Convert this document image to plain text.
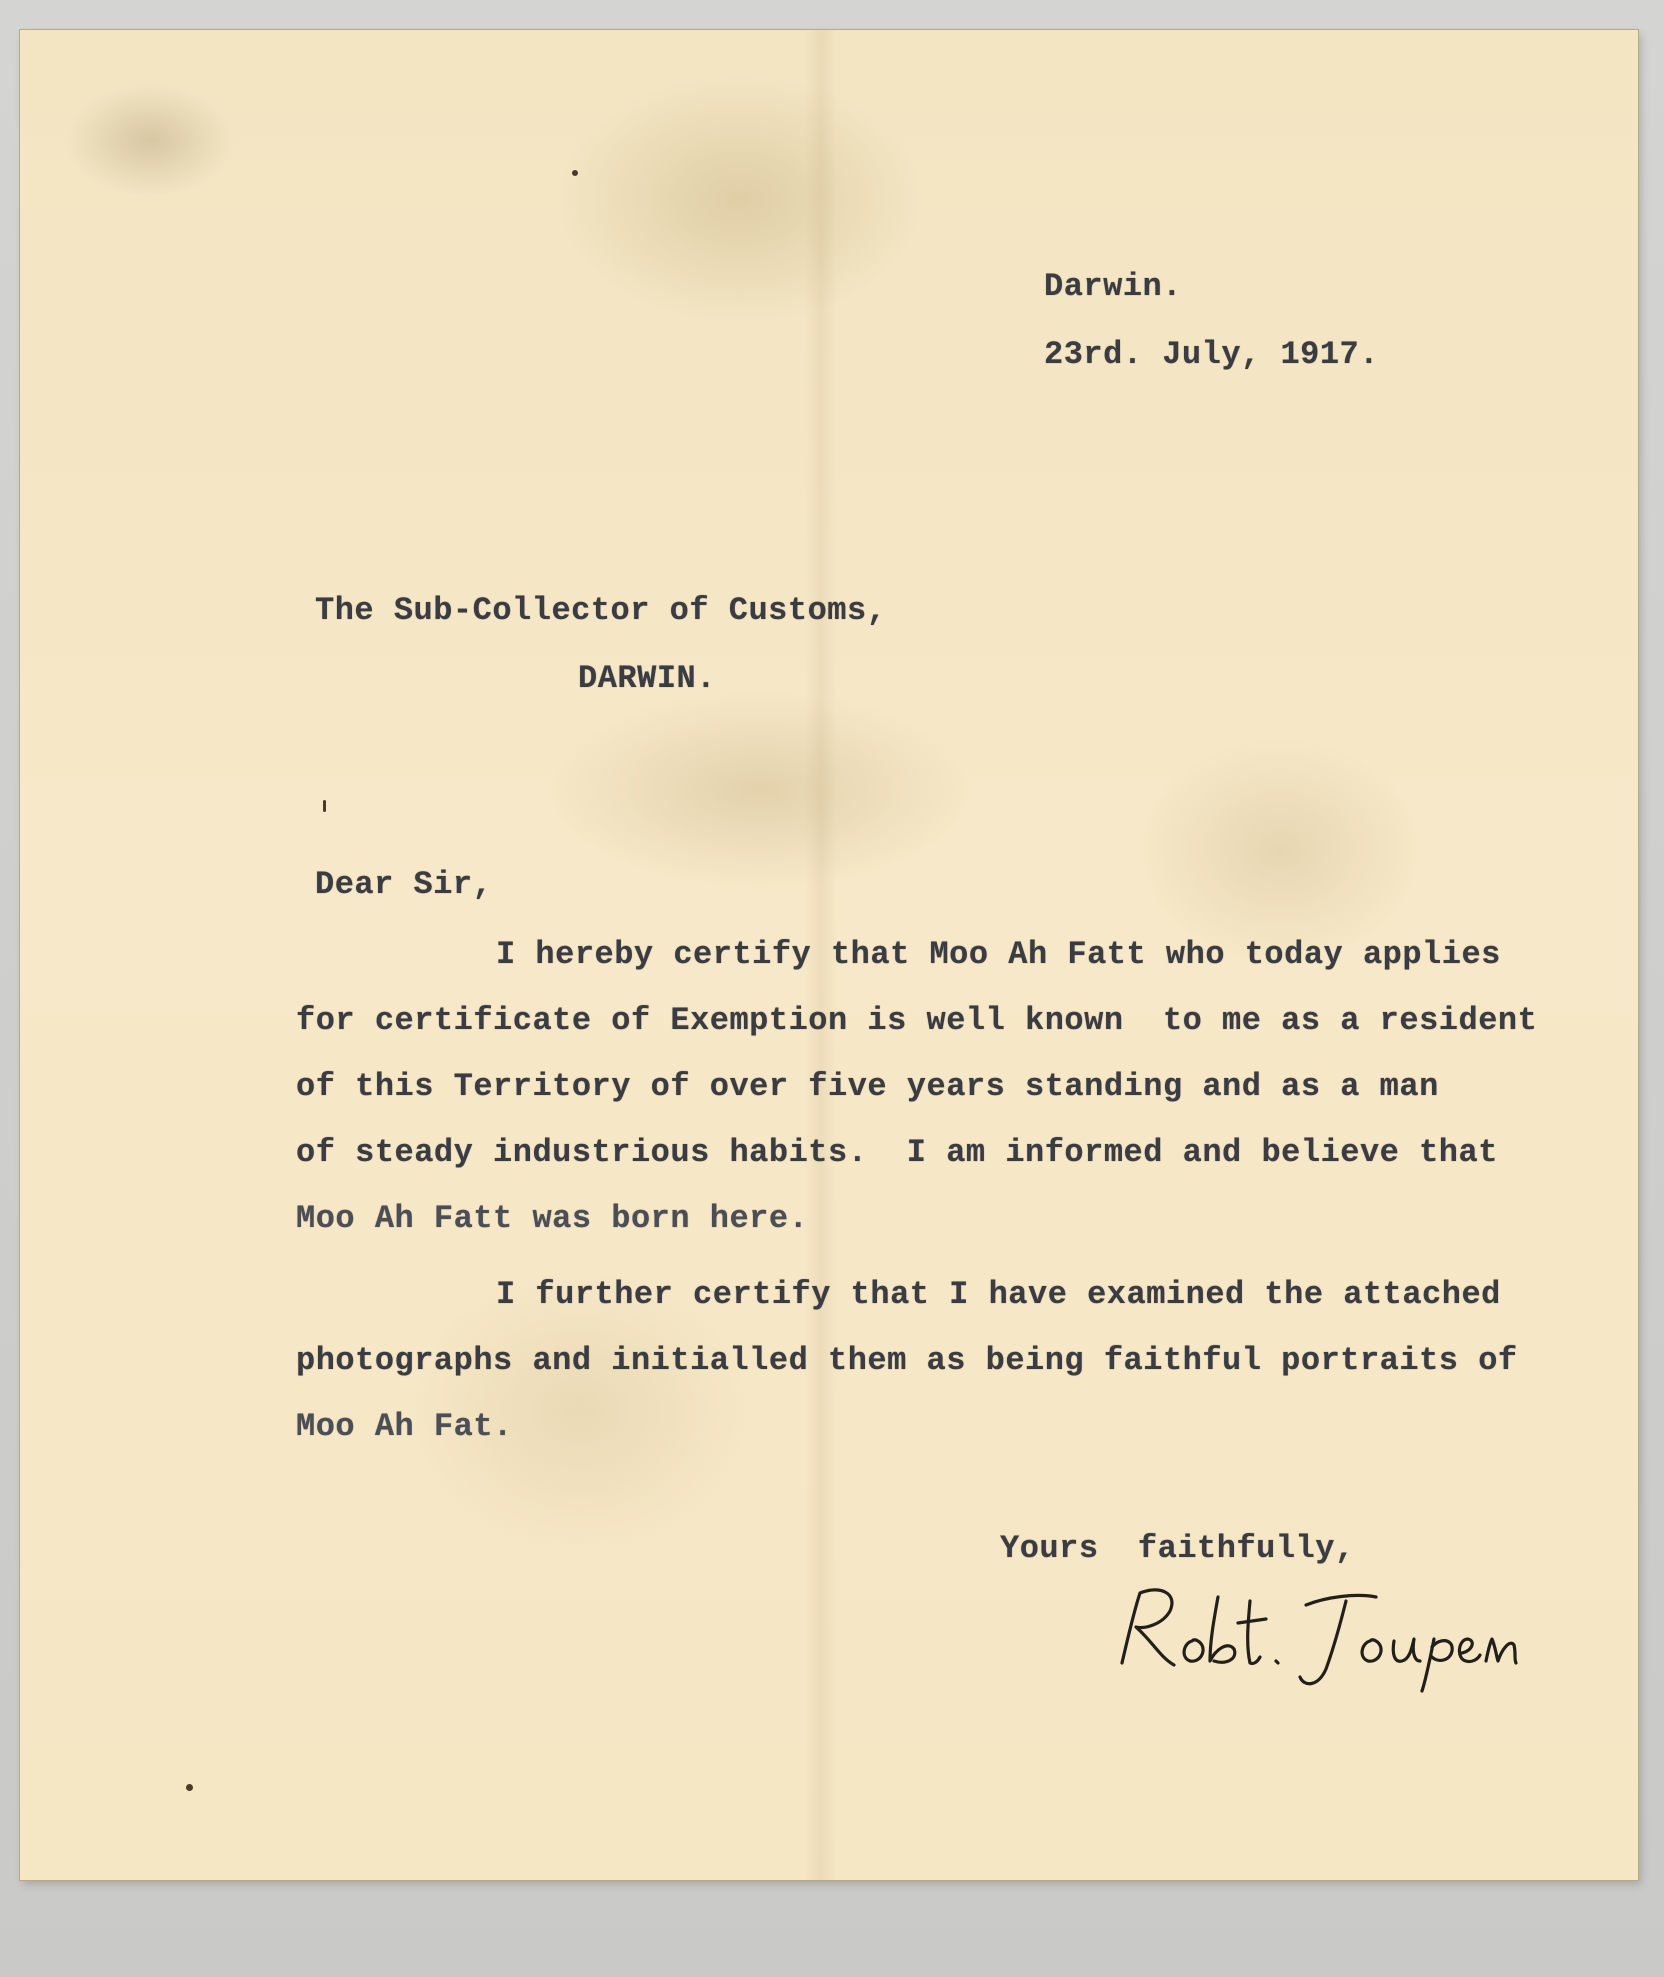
Darwin.

23rd. July, 1917.

The Sub-Collector of Customs,

DARWIN.

Dear Sir,

I hereby certify that Moo Ah Fatt who today applies

for certificate of Exemption is well known  to me as a resident

of this Territory of over five years standing and as a man

of steady industrious habits.  I am informed and believe that

Moo Ah Fatt was born here.

I further certify that I have examined the attached

photographs and initialled them as being faithful portraits of

Moo Ah Fat.

Yours  faithfully,
